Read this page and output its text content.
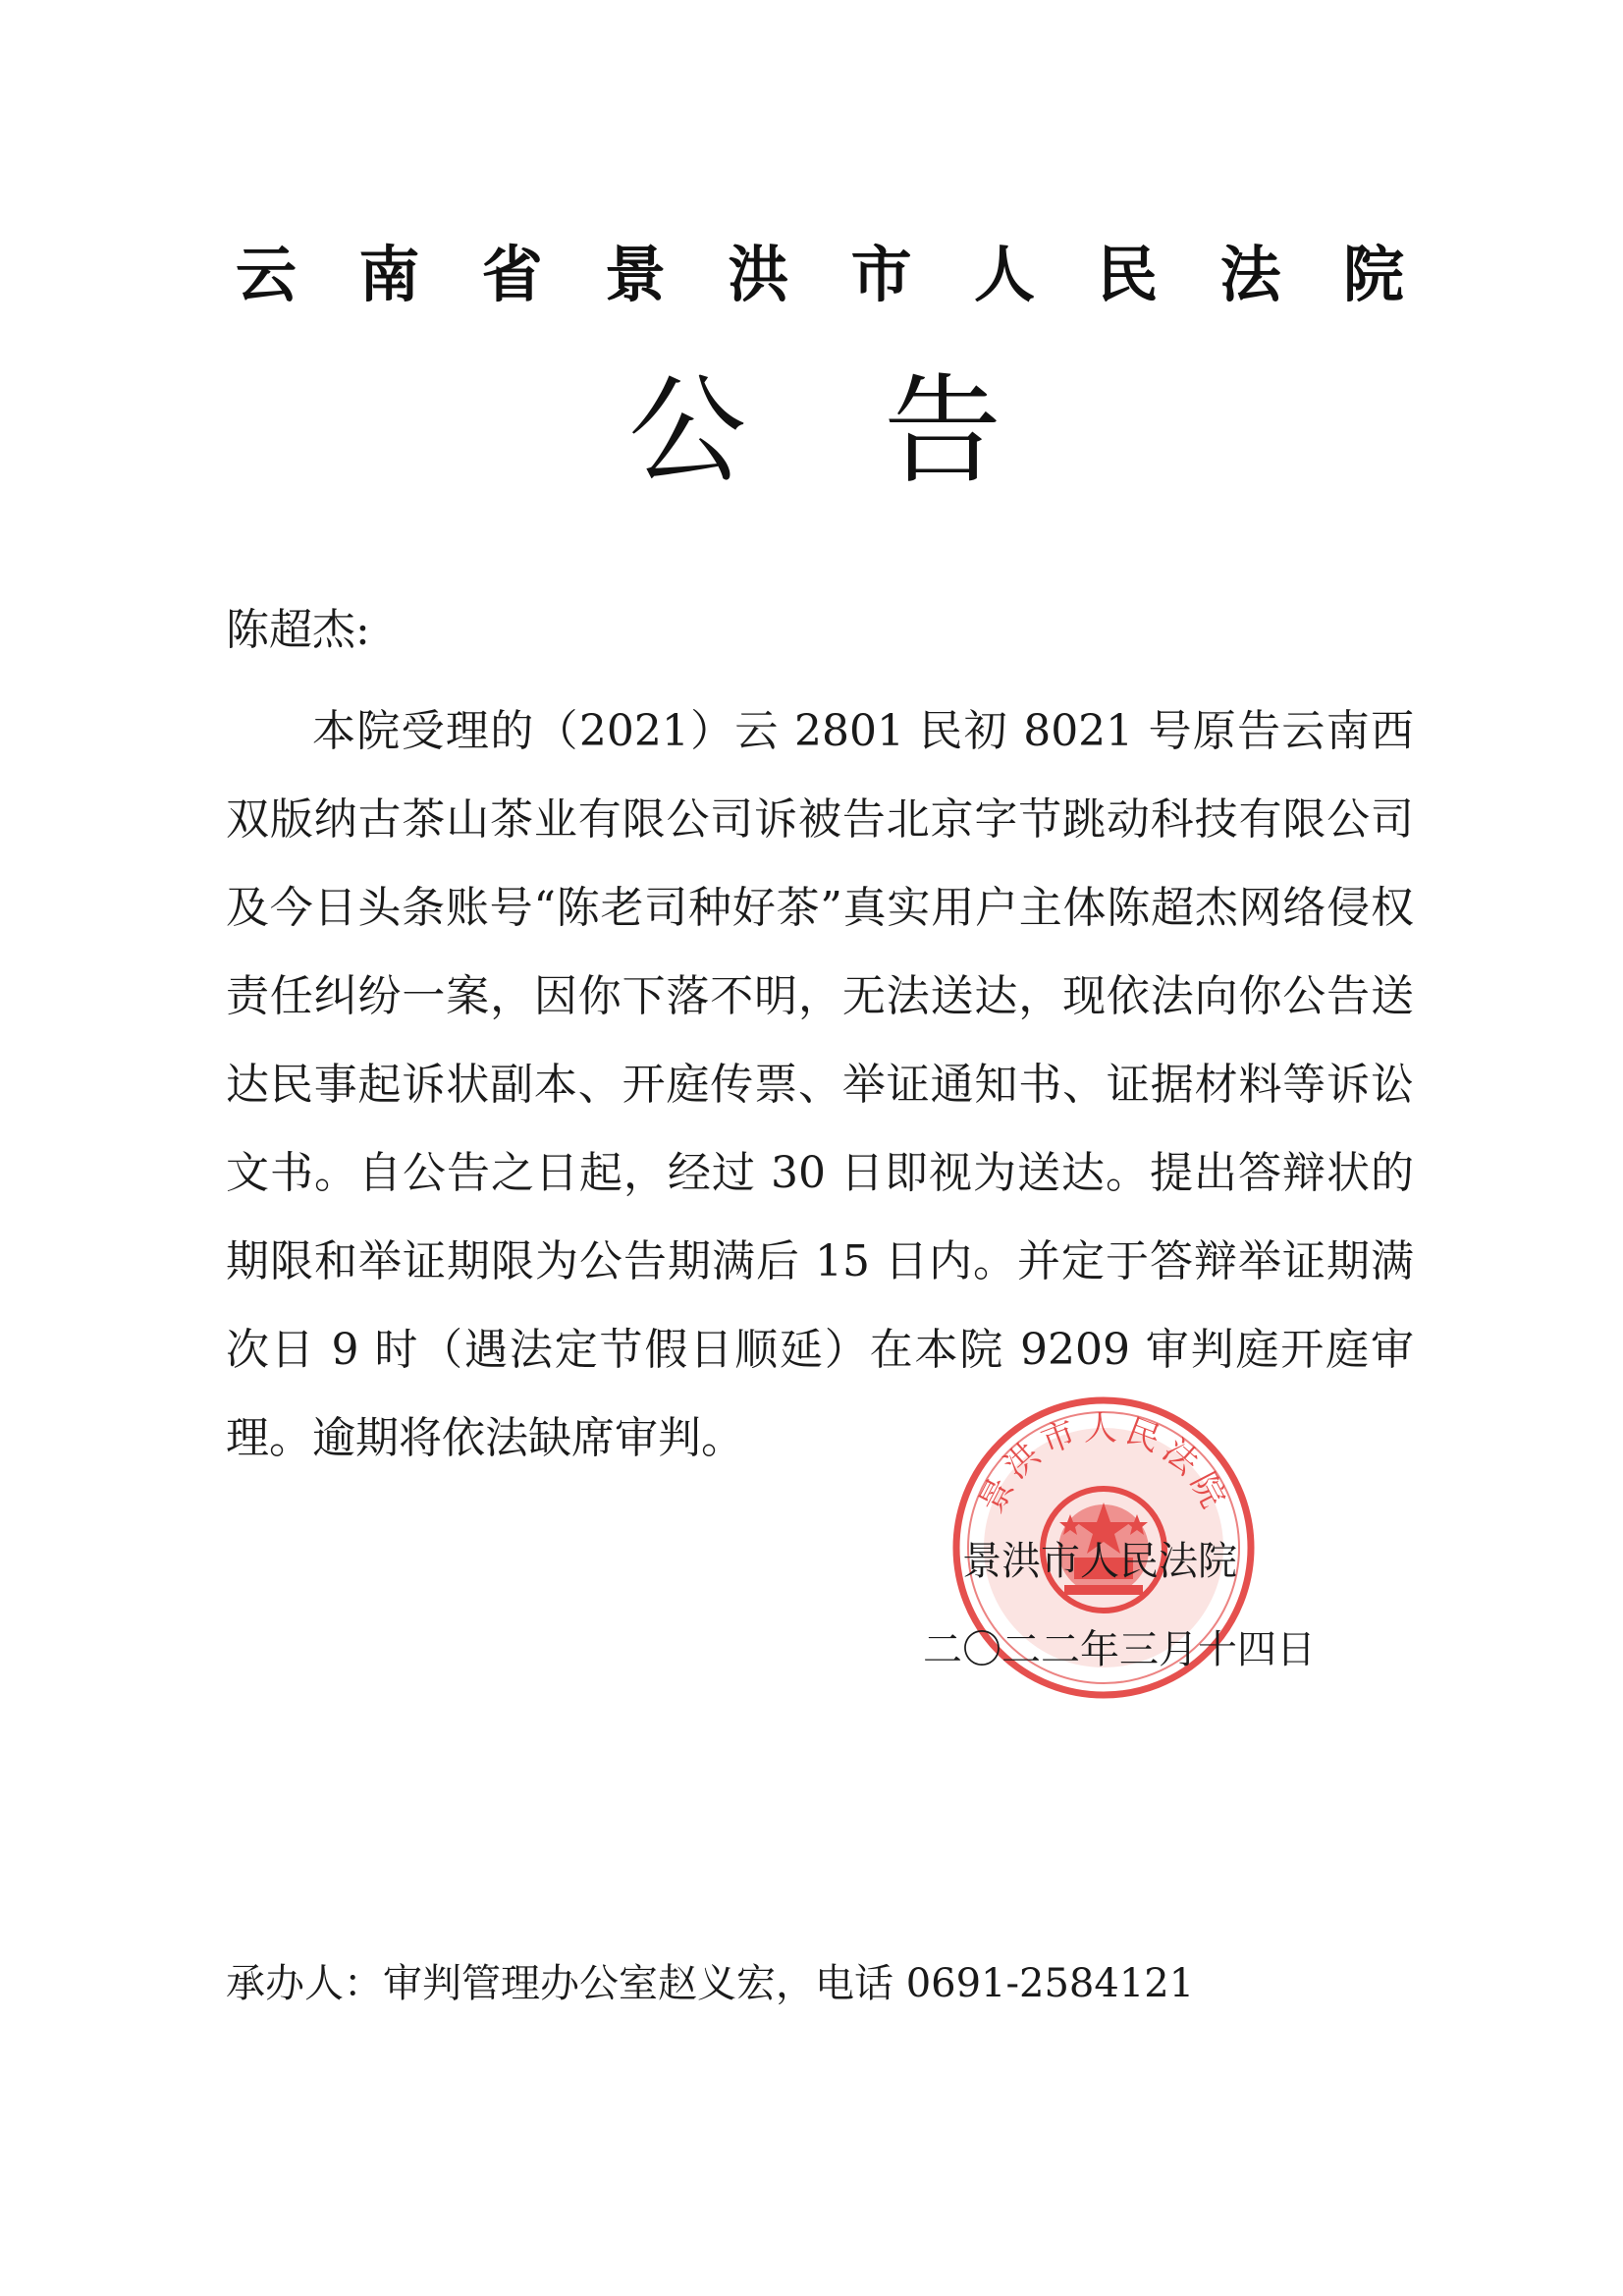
云 南 省 景 洪 市 人 民 法 院
公 告
陈超杰:

本院受理的（2021）云 2801 民初 8021 号原告云南西双版纳古茶山茶业有限公司诉被告北京字节跳动科技有限公司及今日头条账号“陈老司种好茶”真实用户主体陈超杰网络侵权责任纠纷一案，因你下落不明，无法送达，现依法向你公告送达民事起诉状副本、开庭传票、举证通知书、证据材料等诉讼文书。自公告之日起，经过 30 日即视为送达。提出答辩状的期限和举证期限为公告期满后 15 日内。并定于答辩举证期满次日 9 时（遇法定节假日顺延）在本院 9209 审判庭开庭审理。逾期将依法缺席审判。

景洪市人民法院
景洪市人民法院
二〇二二年三月十四日
承办人：审判管理办公室赵义宏，电话 0691-2584121
